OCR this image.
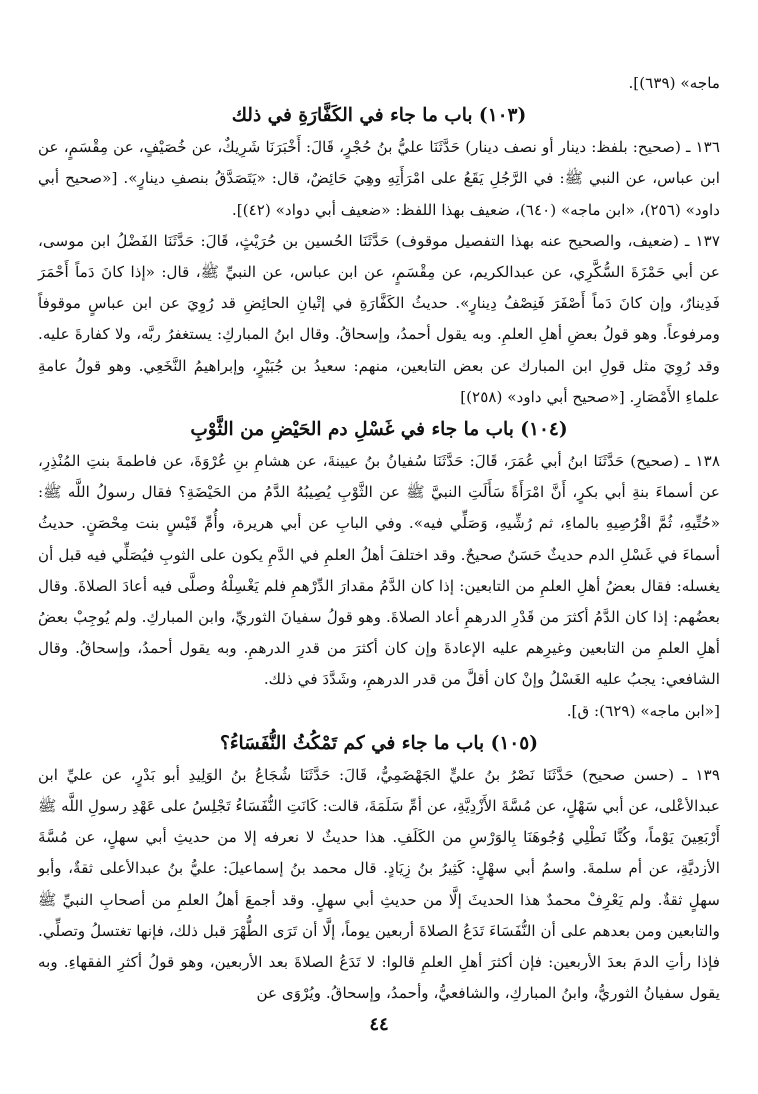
ماجه» (٦٣٩)].

(١٠٣) باب ما جاء في الكَفَّارَةِ في ذلك

١٣٦ ـ (صحيح: بلفظ: دينار أو نصف دينار) حَدَّثَنَا عليُّ بنُ حُجْرٍ، قَالَ: أَخْبَرَنَا شَرِيكٌ، عن خُصَيْفٍ، عن مِقْسَمٍ، عن ابن عباس، عن النبي ﷺ: في الرَّجُلِ يَقَعُ على امْرَأَتِهِ وهِيَ حَائِضٌ، قال: «يَتَصَدَّقُ بنصفِ دينارٍ». [«صحيح أبي داود» (٢٥٦)، «ابن ماجه» (٦٤٠)، ضعيف بهذا اللفظ: «ضعيف أبي دواد» (٤٢)].

١٣٧ ـ (ضعيف، والصحيح عنه بهذا التفصيل موقوف) حَدَّثَنَا الحُسين بن حُرَيْثٍ، قَالَ: حَدَّثَنَا الفَضْلُ ابن موسى، عن أبي حَمْزَةَ السُّكَّرِي، عن عبدالكريم، عن مِقْسَمٍ، عن ابن عباس، عن النبيِّ ﷺ، قال: «إذا كانَ دَماً أَحْمَرَ فَدِينارٌ، وإن كانَ دَماً أَصْفَرَ فَنِصْفُ دِينارٍ». حديثُ الكَفَّارَةِ في إتْيانِ الحائِضِ قد رُوِيَ عن ابن عباسٍ موقوفاً ومرفوعاً. وهو قولُ بعضِ أهلِ العلمِ. وبه يقول أحمدُ، وإسحاقُ. وقال ابنُ المباركِ: يستغفرُ ربَّه، ولا كفارةَ عليه. وقد رُوِيَ مثل قولِ ابن المبارك عن بعض التابعين، منهم: سعيدُ بن جُبَيْرٍ، وإبراهيمُ النَّخَعِي. وهو قولُ عامةِ علماءِ الأَمْصَارِ. [«صحيح أبي داود» (٢٥٨)]

(١٠٤) باب ما جاء في غَسْلِ دم الحَيْضِ من الثَّوْبِ

١٣٨ ـ (صحيح) حَدَّثَنَا ابنُ أبي عُمَرَ، قَالَ: حَدَّثَنَا سُفيانُ بنُ عيينةَ، عن هشامِ بنِ عُرْوَةَ، عن فاطمةَ بنتِ المُنْذِرِ، عن أسماءَ بنةِ أبي بكرٍ، أَنَّ امْرَأَةً سَأَلَتِ النبيَّ ﷺ عن الثَّوْبِ يُصِيبُهُ الدَّمُ من الحَيْضَةِ؟ فقال رسولُ اللَّه ﷺ: «حُتِّيهِ، ثُمَّ اقْرُصِيهِ بالماءِ، ثم رُشِّيهِ، وَصَلِّي فيه». وفي البابِ عن أبي هريرة، وأُمِّ قَيْسٍ بنت مِحْصَنٍ. حديثُ أسماءَ في غَسْلِ الدم حديثٌ حَسَنٌ صحيحٌ. وقد اختلفَ أهلُ العلمِ في الدَّمِ يكون على الثوبِ فيُصَلِّي فيه قبل أن يغسله: فقال بعضُ أهلِ العلمِ من التابعين: إذا كان الدَّمُ مقدارَ الدِّرْهمِ فلم يَغْسِلْهُ وصلَّى فيه أعادَ الصلاةَ. وقال بعضُهم: إذا كان الدَّمُ أكثرَ من قَدْرِ الدرهمِ أعاد الصلاةَ. وهو قولُ سفيانَ الثوريِّ، وابن المباركِ. ولم يُوجِبْ بعضُ أهلِ العلمِ من التابعين وغيرِهم عليه الإعادةَ وإن كان أكثرَ من قدرِ الدرهمِ. وبه يقول أحمدُ، وإسحاقُ. وقال الشافعي: يجبُ عليه الغَسْلُ وإنْ كان أقلَّ من قدر الدرهمِ، وشَدَّدَ في ذلك.

[«ابن ماجه» (٦٢٩): ق].

(١٠٥) باب ما جاء في كم تَمْكُثُ النُّفَسَاءُ؟

١٣٩ ـ (حسن صحيح) حَدَّثَنَا نَصْرُ بنُ عليٍّ الجَهْضَمِيُّ، قَالَ: حَدَّثَنَا شُجَاعُ بنُ الوَلِيدِ أبو بَدْرٍ، عن عليِّ ابن عبدالأعْلى، عن أبي سَهْلٍ، عن مُسَّةَ الأَزْدِيَّةِ، عن أمِّ سَلَمَةَ، قالت: كَانَتِ النُّفَسَاءُ تَجْلِسُ على عَهْدِ رسولِ اللَّه ﷺ أَرْبَعِينَ يَوْماً، وكُنَّا نَطْلِي وُجُوهَنَا بِالوَرْسِ من الكَلَفِ. هذا حديثٌ لا نعرفه إلا من حديثِ أبي سهلٍ، عن مُسَّةَ الأزديَّةِ، عن أم سلمةَ. واسمُ أبي سهْلٍ: كَثِيرُ بنُ زِيَادٍ. قال محمد بنُ إسماعيلَ: عليُّ بنُ عبدالأعلى ثقةٌ، وأبو سهلٍ ثقةٌ. ولم يَعْرِفْ محمدٌ هذا الحديثَ إلَّا من حديثِ أبي سهلٍ. وقد أجمعَ أهلُ العلمِ من أصحابِ النبيِّ ﷺ والتابعين ومن بعدهم على أن النُّفَسَاءَ تَدَعُ الصلاةَ أربعين يوماً، إلَّا أن تَرَى الطُّهْرَ قبل ذلك، فإنها تغتسلُ وتصلِّي. فإذا رأتِ الدمَ بعدَ الأربعين: فإن أكثرَ أهلِ العلمِ قالوا: لا تَدَعُ الصلاةَ بعد الأربعين، وهو قولُ أكثرِ الفقهاءِ. وبه يقول سفيانُ الثوريُّ، وابنُ المباركِ، والشافعيُّ، وأحمدُ، وإسحاقُ. ويُرْوَى عن

٤٤
